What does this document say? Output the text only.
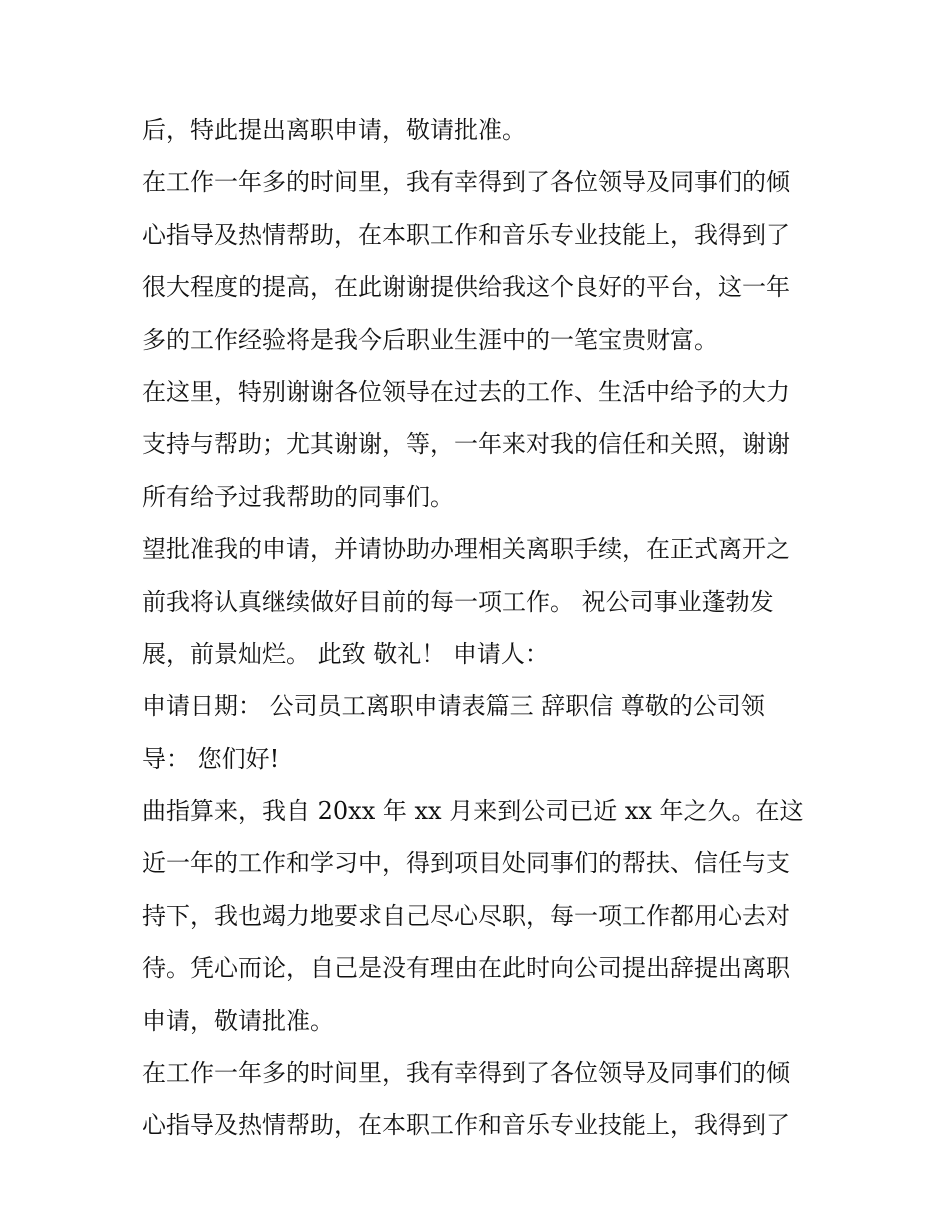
后，特此提出离职申请，敬请批准。
在工作一年多的时间里，我有幸得到了各位领导及同事们的倾
心指导及热情帮助，在本职工作和音乐专业技能上，我得到了
很大程度的提高，在此谢谢提供给我这个良好的平台，这一年
多的工作经验将是我今后职业生涯中的一笔宝贵财富。
在这里，特别谢谢各位领导在过去的工作、生活中给予的大力
支持与帮助；尤其谢谢，等，一年来对我的信任和关照，谢谢
所有给予过我帮助的同事们。
望批准我的申请，并请协助办理相关离职手续，在正式离开之
前我将认真继续做好目前的每一项工作。 祝公司事业蓬勃发
展，前景灿烂。 此致 敬礼！ 申请人：
申请日期： 公司员工离职申请表篇三 辞职信 尊敬的公司领
导： 您们好!
曲指算来，我自 20xx 年 xx 月来到公司已近 xx 年之久。在这
近一年的工作和学习中，得到项目处同事们的帮扶、信任与支
持下，我也竭力地要求自己尽心尽职，每一项工作都用心去对
待。凭心而论，自己是没有理由在此时向公司提出辞提出离职
申请，敬请批准。
在工作一年多的时间里，我有幸得到了各位领导及同事们的倾
心指导及热情帮助，在本职工作和音乐专业技能上，我得到了
